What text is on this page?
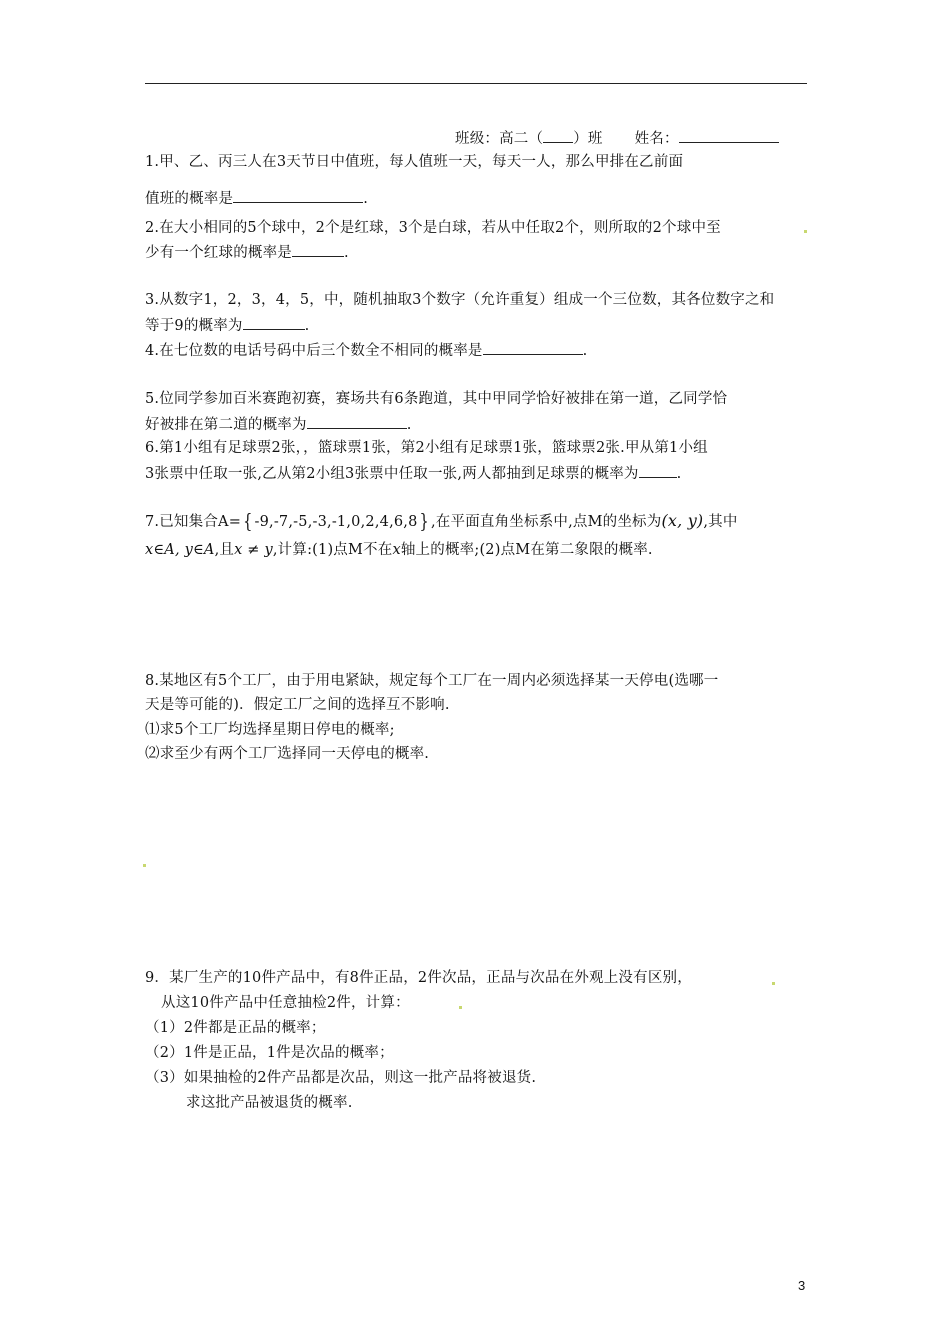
班级：高二（ ）班 姓名：
1.甲、乙、丙三人在3天节日中值班，每人值班一天，每天一人，那么甲排在乙前面
值班的概率是	.
2.在大小相同的5个球中，2个是红球，3个是白球，若从中任取2个，则所取的2个球中至
少有一个红球的概率是	.
3.从数字1，2，3，4，5，中，随机抽取3个数字（允许重复）组成一个三位数，其各位数字之和
等于9的概率为	.
4.在七位数的电话号码中后三个数全不相同的概率是	.
5.位同学参加百米赛跑初赛，赛场共有6条跑道，其中甲同学恰好被排在第一道，乙同学恰
好被排在第二道的概率为	.
6.第1小组有足球票2张，，篮球票1张，第2小组有足球票1张，篮球票2张.甲从第1小组
3张票中任取一张,乙从第2小组3张票中任取一张,两人都抽到足球票的概率为	.
7.已知集合A= { -9,-7,-5,-3,-1,0,2,4,6,8 } ,在平面直角坐标系中,点M的坐标为(x, y),其中
x∈A, y∈A,且x ≠ y,计算:(1)点M不在x轴上的概率;(2)点M在第二象限的概率.
8.某地区有5个工厂，由于用电紧缺，规定每个工厂在一周内必须选择某一天停电(选哪一
天是等可能的)．假定工厂之间的选择互不影响.
⑴求5个工厂均选择星期日停电的概率;
⑵求至少有两个工厂选择同一天停电的概率.
9．某厂生产的10件产品中，有8件正品，2件次品，正品与次品在外观上没有区别，
从这10件产品中任意抽检2件，计算：
（1）2件都是正品的概率；
（2）1件是正品，1件是次品的概率；
（3）如果抽检的2件产品都是次品，则这一批产品将被退货.
求这批产品被退货的概率.
3
